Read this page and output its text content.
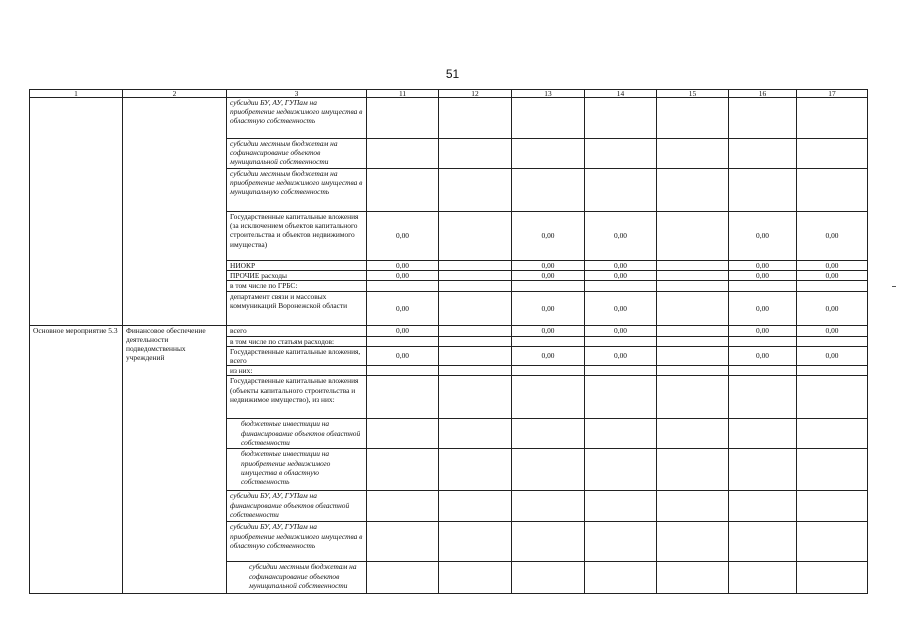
51
1	2	3	11	12	13	14	15	16	17
		субсидии БУ, АУ, ГУПам на приобретение недвижимого имущества в областную собственность							
		субсидии местным бюджетам на софинансирование объектов муниципальной собственности							
		субсидии местным бюджетам на приобретение недвижимого имущества в муниципальную собственность							
		Государственные капитальные вложения (за исключением объектов капитального строительства и объектов недвижимого имущества)	0,00		0,00	0,00		0,00	0,00
		НИОКР	0,00		0,00	0,00		0,00	0,00
		ПРОЧИЕ расходы	0,00		0,00	0,00		0,00	0,00
		в том числе по ГРБС:							
		департамент связи и массовых коммуникаций Воронежской области	0,00		0,00	0,00		0,00	0,00
Основное мероприятие 5.3	Финансовое обеспечение деятельности подведомственных учреждений	всего	0,00		0,00	0,00		0,00	0,00
		в том числе по статьям расходов:							
		Государственные капитальные вложения, всего	0,00		0,00	0,00		0,00	0,00
		из них:							
		Государственные капитальные вложения (объекты капитального строительства и недвижимое имущество), из них:							
		бюджетные инвестиции на финансирование объектов областной собственности							
		бюджетные инвестиции на приобретение недвижимого имущества в областную собственность							
		субсидии БУ, АУ, ГУПам на финансирование объектов областной собственности							
		субсидии БУ, АУ, ГУПам на приобретение недвижимого имущества в областную собственность							
		субсидии местным бюджетам на софинансирование объектов муниципальной собственности							
